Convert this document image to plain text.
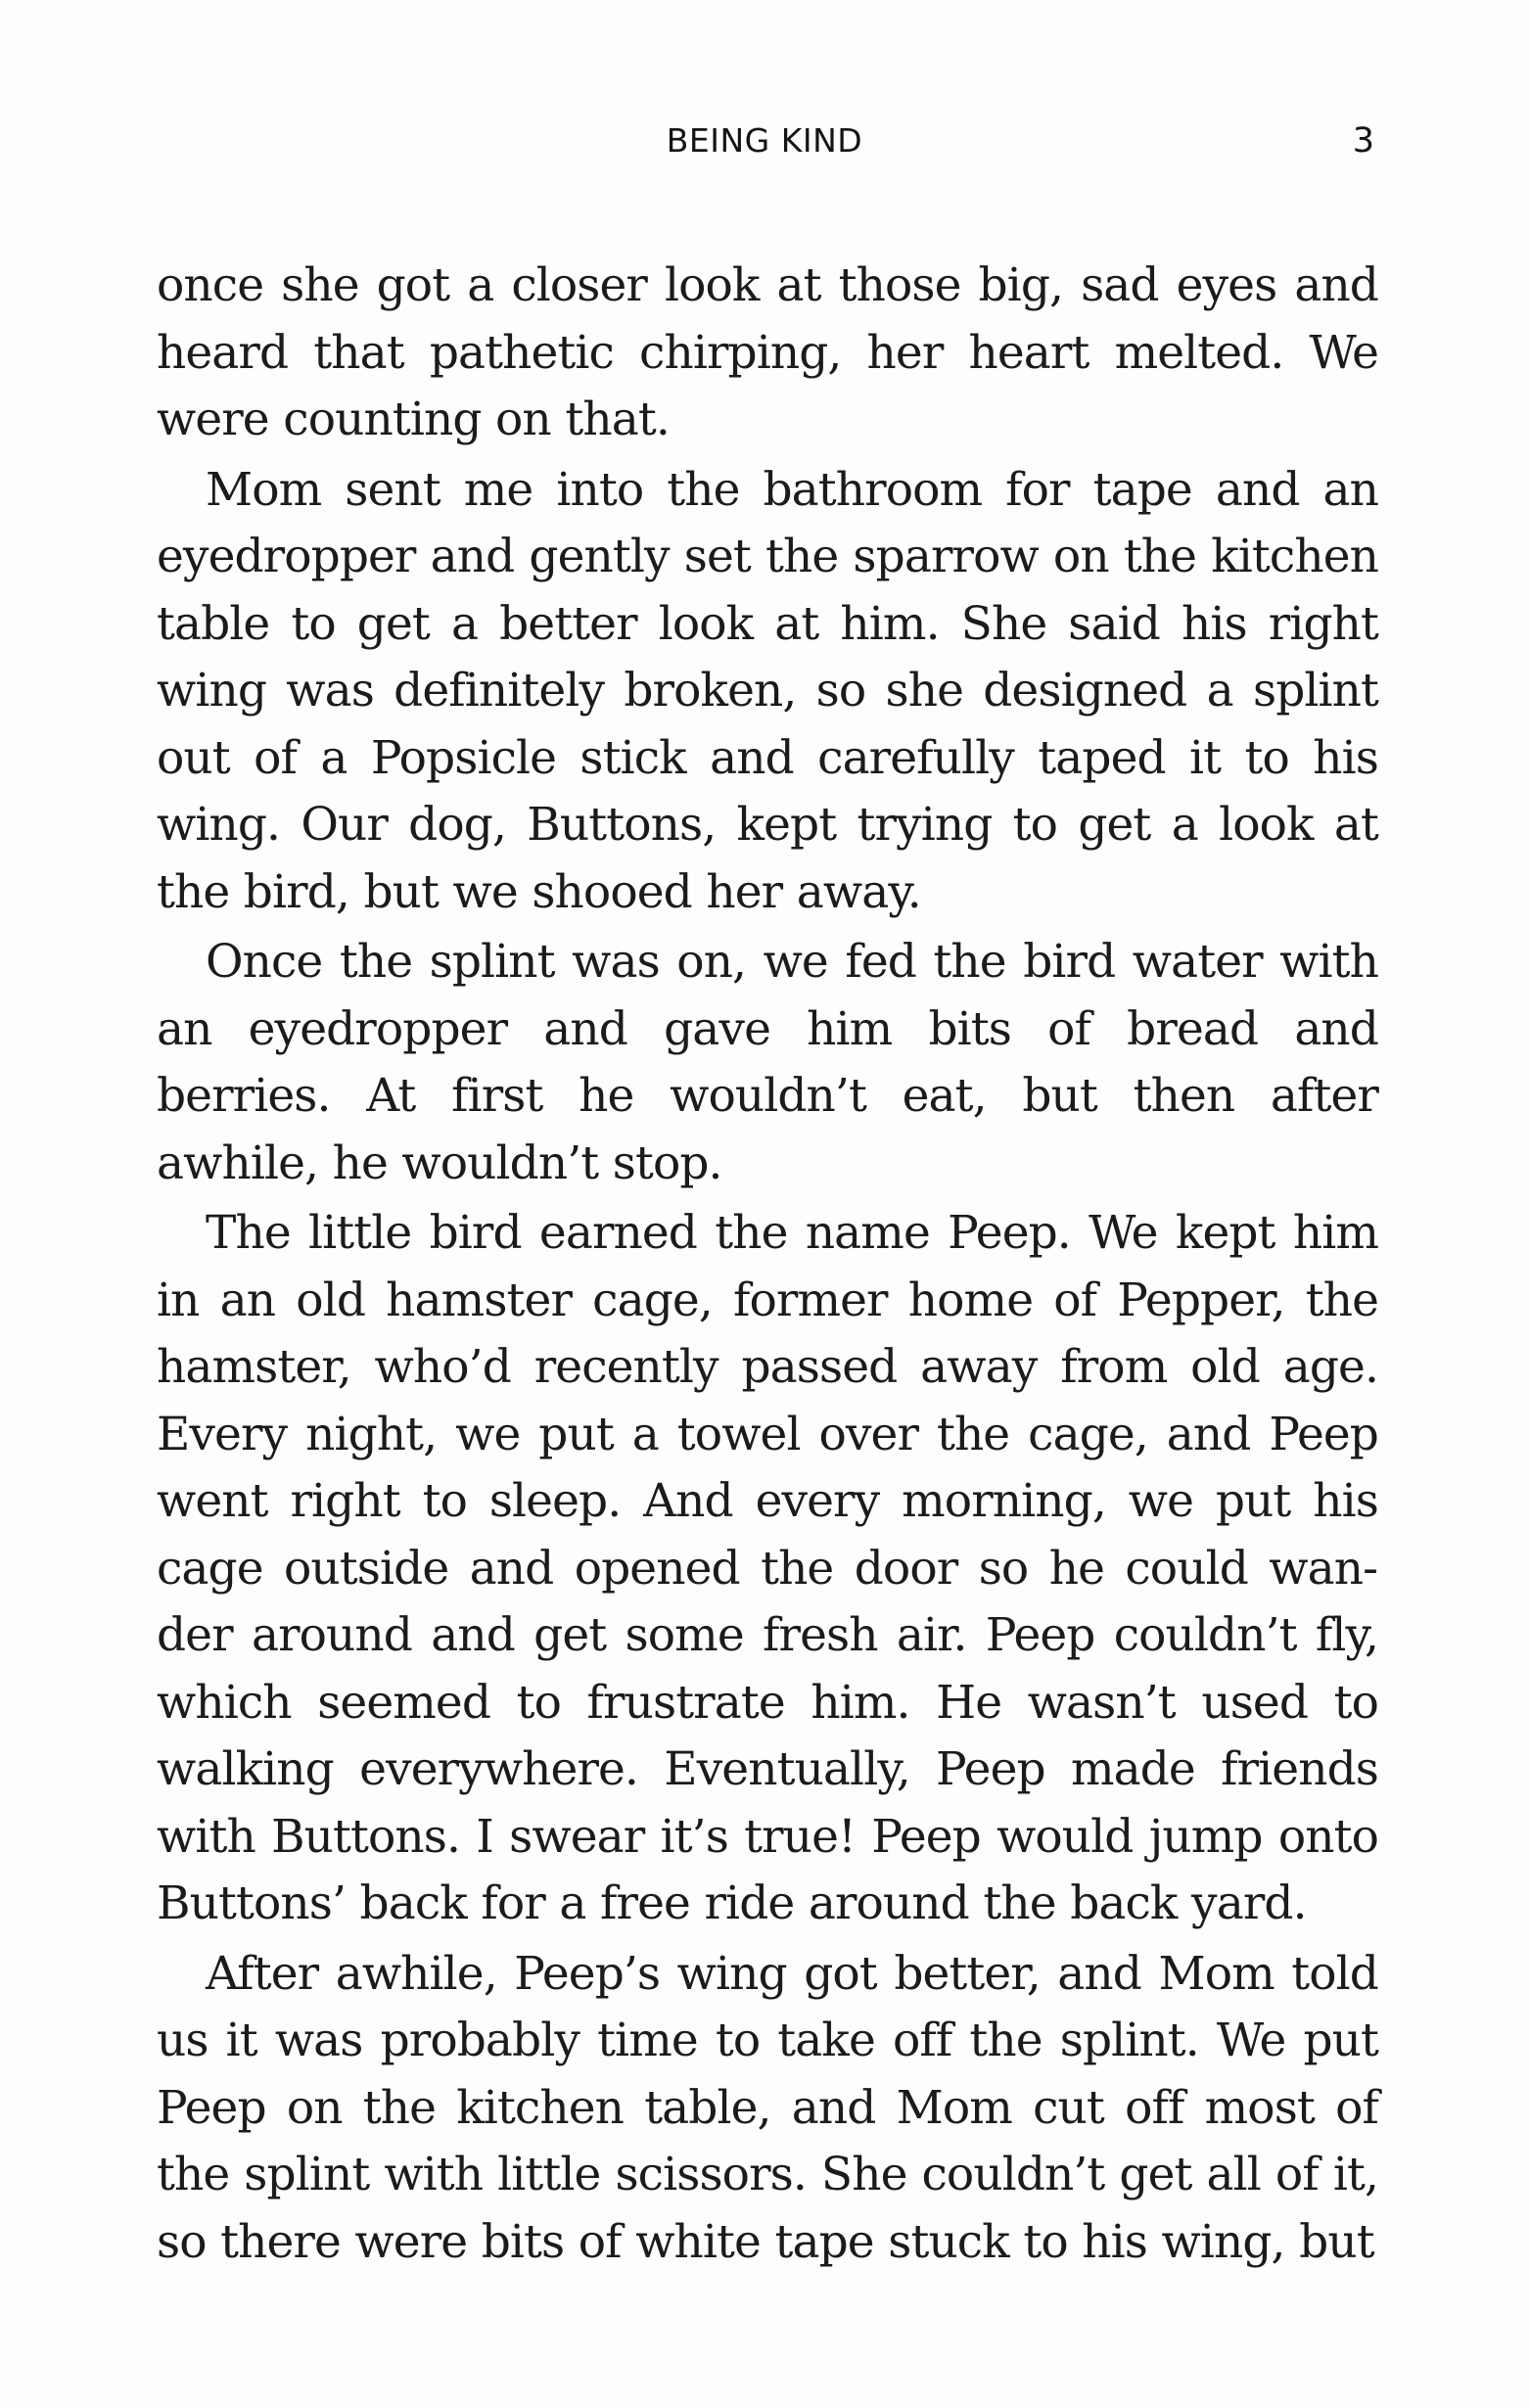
BEING KIND	3

once she got a closer look at those big, sad eyes and heard that pathetic chirping, her heart melted. We were counting on that.

Mom sent me into the bathroom for tape and an eyedropper and gently set the sparrow on the kitchen table to get a better look at him. She said his right wing was definitely broken, so she designed a splint out of a Popsicle stick and carefully taped it to his wing. Our dog, Buttons, kept trying to get a look at the bird, but we shooed her away.

Once the splint was on, we fed the bird water with an eyedropper and gave him bits of bread and berries. At first he wouldn’t eat, but then after awhile, he wouldn’t stop.

The little bird earned the name Peep. We kept him in an old hamster cage, former home of Pepper, the hamster, who’d recently passed away from old age. Every night, we put a towel over the cage, and Peep went right to sleep. And every morning, we put his cage outside and opened the door so he could wander around and get some fresh air. Peep couldn’t fly, which seemed to frustrate him. He wasn’t used to walking everywhere. Eventually, Peep made friends with Buttons. I swear it’s true! Peep would jump onto Buttons’ back for a free ride around the back yard.

After awhile, Peep’s wing got better, and Mom told us it was probably time to take off the splint. We put Peep on the kitchen table, and Mom cut off most of the splint with little scissors. She couldn’t get all of it, so there were bits of white tape stuck to his wing, but
